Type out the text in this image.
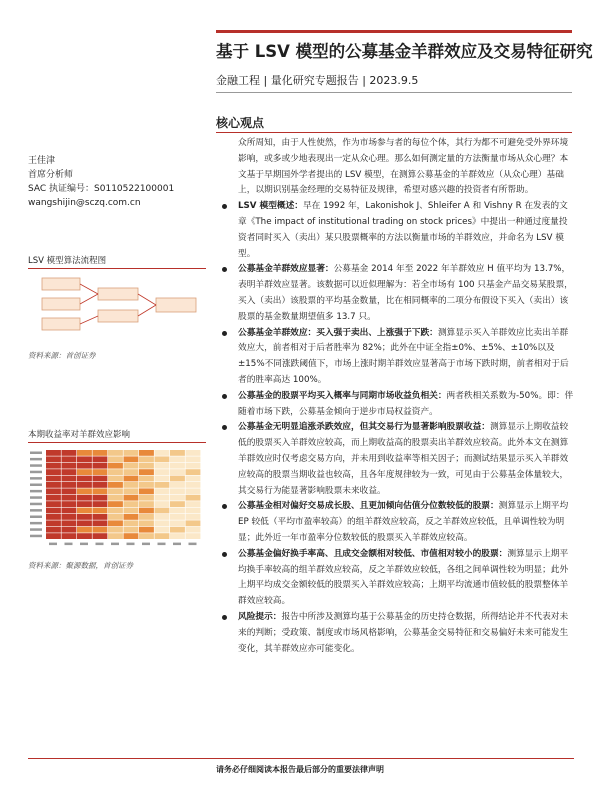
基于 LSV 模型的公募基金羊群效应及交易特征研究
金融工程 | 量化研究专题报告 | 2023.9.5
核心观点
王佳津
首席分析师
SAC 执证编号：S0110522100001
wangshijin@sczq.com.cn
LSV 模型算法流程图
资料来源：首创证券
本期收益率对羊群效应影响
资料来源：聚源数据，首创证券

众所周知，由于人性使然，作为市场参与者的每位个体，其行为都不可避免受外界环境影响，或多或少地表现出一定从众心理。那么如何测定量的方法衡量市场从众心理？本文基于早期国外学者提出的 LSV 模型，在测算公募基金的羊群效应（从众心理）基础上，以期识别基金经理的交易特征及规律，希望对感兴趣的投资者有所帮助。

LSV 模型概述：早在 1992 年，Lakonishok J、Shleifer A 和 Vishny R 在发表的文章《The impact of institutional trading on stock prices》中提出一种通过度量投资者同时买入（卖出）某只股票概率的方法以衡量市场的羊群效应，并命名为 LSV 模型。
公募基金羊群效应显著：公募基金 2014 年至 2022 年羊群效应 H 值平均为 13.7%，表明羊群效应显著。该数据可以近似理解为：若全市场有 100 只基金产品交易某股票，买入（卖出）该股票的平均基金数量，比在相同概率的二项分布假设下买入（卖出）该股票的基金数量期望值多 13.7 只。
公募基金羊群效应：买入强于卖出、上涨强于下跌：测算显示买入羊群效应比卖出羊群效应大，前者相对于后者胜率为 82%；此外在中证全指±0%、±5%、±10%以及±15%不同涨跌阈值下，市场上涨时期羊群效应显著高于市场下跌时期，前者相对于后者的胜率高达 100%。
公募基金的股票平均买入概率与同期市场收益负相关：两者秩相关系数为-50%。即：伴随着市场下跌，公募基金倾向于逆步市局权益资产。
公募基金无明显追涨杀跌效应，但其交易行为显著影响股票收益：测算显示上期收益较低的股票买入羊群效应较高，而上期收益高的股票卖出羊群效应较高。此外本文在测算羊群效应时仅考虑交易方向，并未用到收益率等相关因子；而测试结果显示买入羊群效应较高的股票当期收益也较高，且各年度规律较为一致，可见由于公募基金体量较大，其交易行为能显著影响股票未来收益。
公募基金相对偏好交易成长股、且更加倾向估值分位数较低的股票：测算显示上期平均 EP 较低（平均市盈率较高）的组羊群效应较高，反之羊群效应较低，且单调性较为明显；此外近一年市盈率分位数较低的股票买入羊群效应较高。
公募基金偏好换手率高、且成交金额相对较低、市值相对较小的股票：测算显示上期平均换手率较高的组羊群效应较高，反之羊群效应较低，各组之间单调性较为明显；此外上期平均成交金额较低的股票买入羊群效应较高；上期平均流通市值较低的股票整体羊群效应较高。
风险提示：报告中所涉及测算均基于公募基金的历史持仓数据，所得结论并不代表对未来的判断；受政策、制度或市场风格影响，公募基金交易特征和交易偏好未来可能发生变化，其羊群效应亦可能变化。
请务必仔细阅读本报告最后部分的重要法律声明
